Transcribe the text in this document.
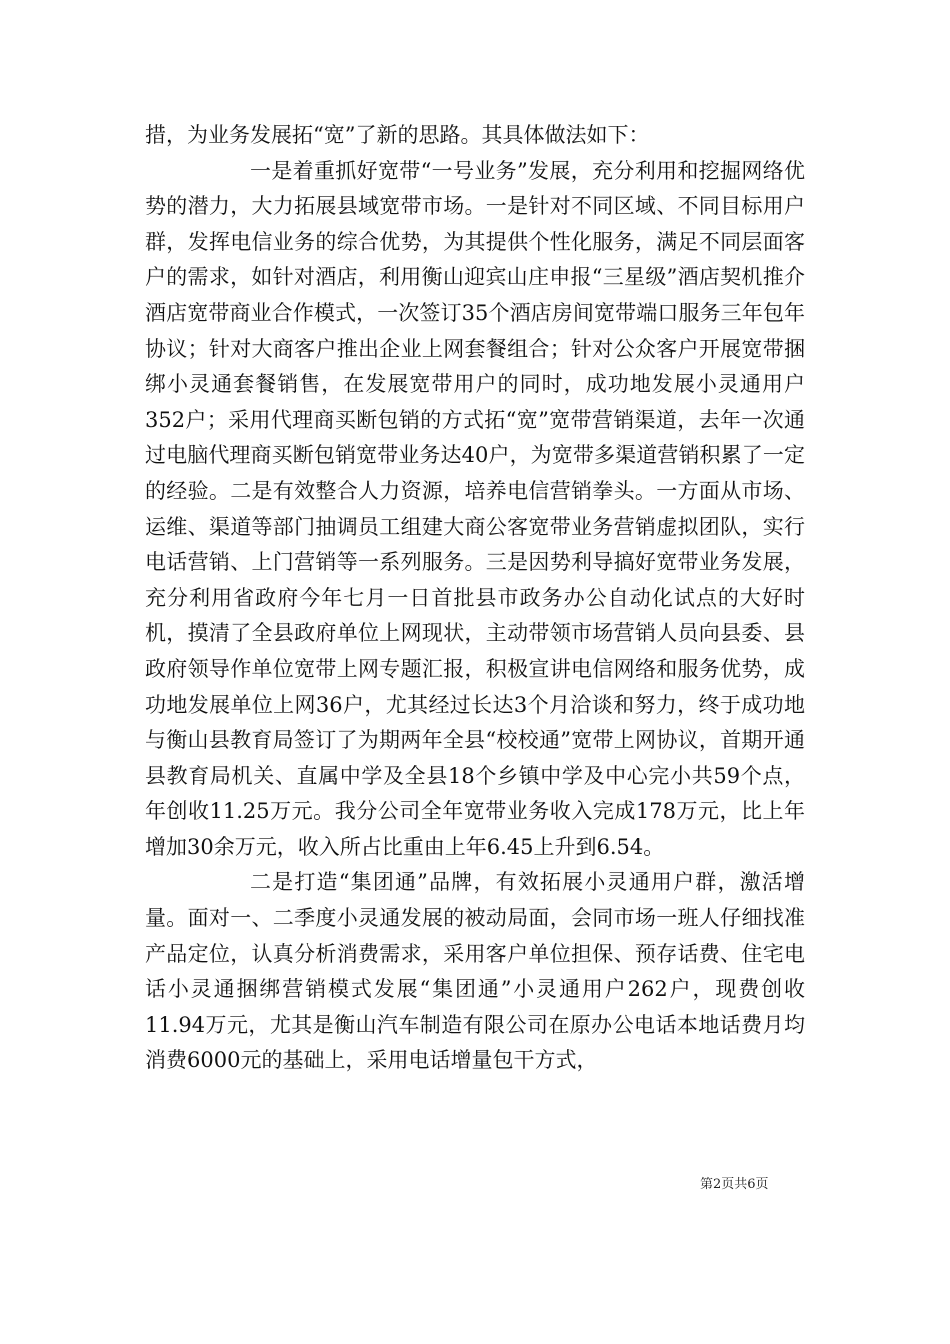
措，为业务发展拓“宽”了新的思路。其具体做法如下：

一是着重抓好宽带“一号业务”发展，充分利用和挖掘网络优势的潜力，大力拓展县域宽带市场。一是针对不同区域、不同目标用户群，发挥电信业务的综合优势，为其提供个性化服务，满足不同层面客户的需求，如针对酒店，利用衡山迎宾山庄申报“三星级”酒店契机推介酒店宽带商业合作模式，一次签订35个酒店房间宽带端口服务三年包年协议；针对大商客户推出企业上网套餐组合；针对公众客户开展宽带捆绑小灵通套餐销售，在发展宽带用户的同时，成功地发展小灵通用户352户；采用代理商买断包销的方式拓“宽”宽带营销渠道，去年一次通过电脑代理商买断包销宽带业务达40户，为宽带多渠道营销积累了一定的经验。二是有效整合人力资源，培养电信营销拳头。一方面从市场、运维、渠道等部门抽调员工组建大商公客宽带业务营销虚拟团队，实行电话营销、上门营销等一系列服务。三是因势利导搞好宽带业务发展，充分利用省政府今年七月一日首批县市政务办公自动化试点的大好时机，摸清了全县政府单位上网现状，主动带领市场营销人员向县委、县政府领导作单位宽带上网专题汇报，积极宣讲电信网络和服务优势，成功地发展单位上网36户，尤其经过长达3个月洽谈和努力，终于成功地与衡山县教育局签订了为期两年全县“校校通”宽带上网协议，首期开通县教育局机关、直属中学及全县18个乡镇中学及中心完小共59个点，年创收11.25万元。我分公司全年宽带业务收入完成178万元，比上年增加30余万元，收入所占比重由上年6.45上升到6.54。

二是打造“集团通”品牌，有效拓展小灵通用户群，激活增量。面对一、二季度小灵通发展的被动局面，会同市场一班人仔细找准产品定位，认真分析消费需求，采用客户单位担保、预存话费、住宅电话小灵通捆绑营销模式发展“集团通”小灵通用户262户，现费创收11.94万元，尤其是衡山汽车制造有限公司在原办公电话本地话费月均消费6000元的基础上，采用电话增量包干方式，

第2页共6页
